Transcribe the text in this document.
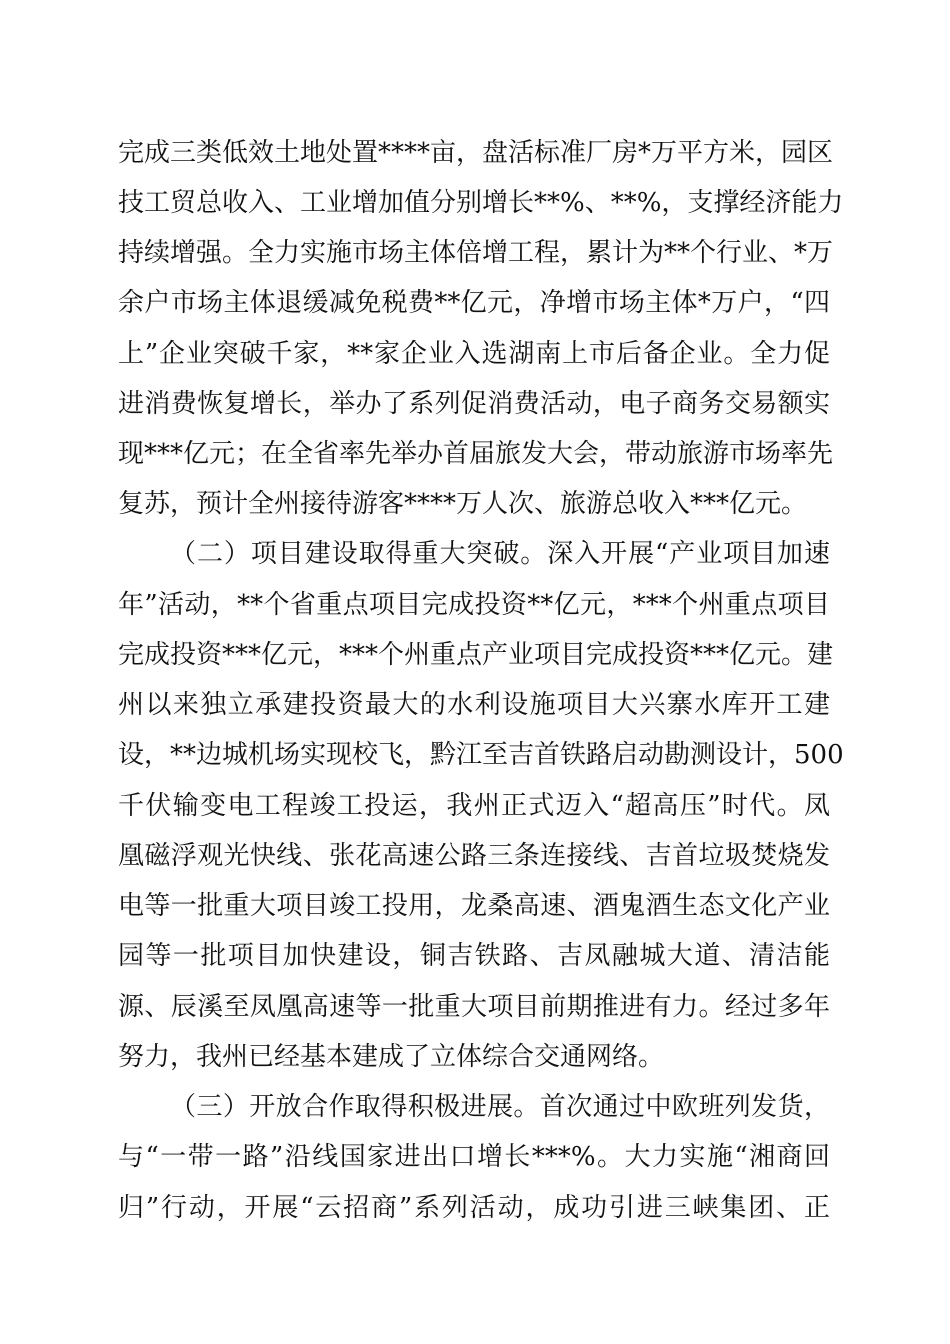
完成三类低效土地处置****亩，盘活标准厂房*万平方米，园区
技工贸总收入、工业增加值分别增长**%、**%，支撑经济能力
持续增强。全力实施市场主体倍增工程，累计为**个行业、*万
余户市场主体退缓减免税费**亿元，净增市场主体*万户，“四
上”企业突破千家，**家企业入选湖南上市后备企业。全力促
进消费恢复增长，举办了系列促消费活动，电子商务交易额实
现***亿元；在全省率先举办首届旅发大会，带动旅游市场率先
复苏，预计全州接待游客****万人次、旅游总收入***亿元。
（二）项目建设取得重大突破。深入开展“产业项目加速
年”活动，**个省重点项目完成投资**亿元，***个州重点项目
完成投资***亿元，***个州重点产业项目完成投资***亿元。建
州以来独立承建投资最大的水利设施项目大兴寨水库开工建
设，**边城机场实现校飞，黔江至吉首铁路启动勘测设计，500
千伏输变电工程竣工投运，我州正式迈入“超高压”时代。凤
凰磁浮观光快线、张花高速公路三条连接线、吉首垃圾焚烧发
电等一批重大项目竣工投用，龙桑高速、酒鬼酒生态文化产业
园等一批项目加快建设，铜吉铁路、吉凤融城大道、清洁能
源、辰溪至凤凰高速等一批重大项目前期推进有力。经过多年
努力，我州已经基本建成了立体综合交通网络。
（三）开放合作取得积极进展。首次通过中欧班列发货，
与“一带一路”沿线国家进出口增长***%。大力实施“湘商回
归”行动，开展“云招商”系列活动，成功引进三峡集团、正
